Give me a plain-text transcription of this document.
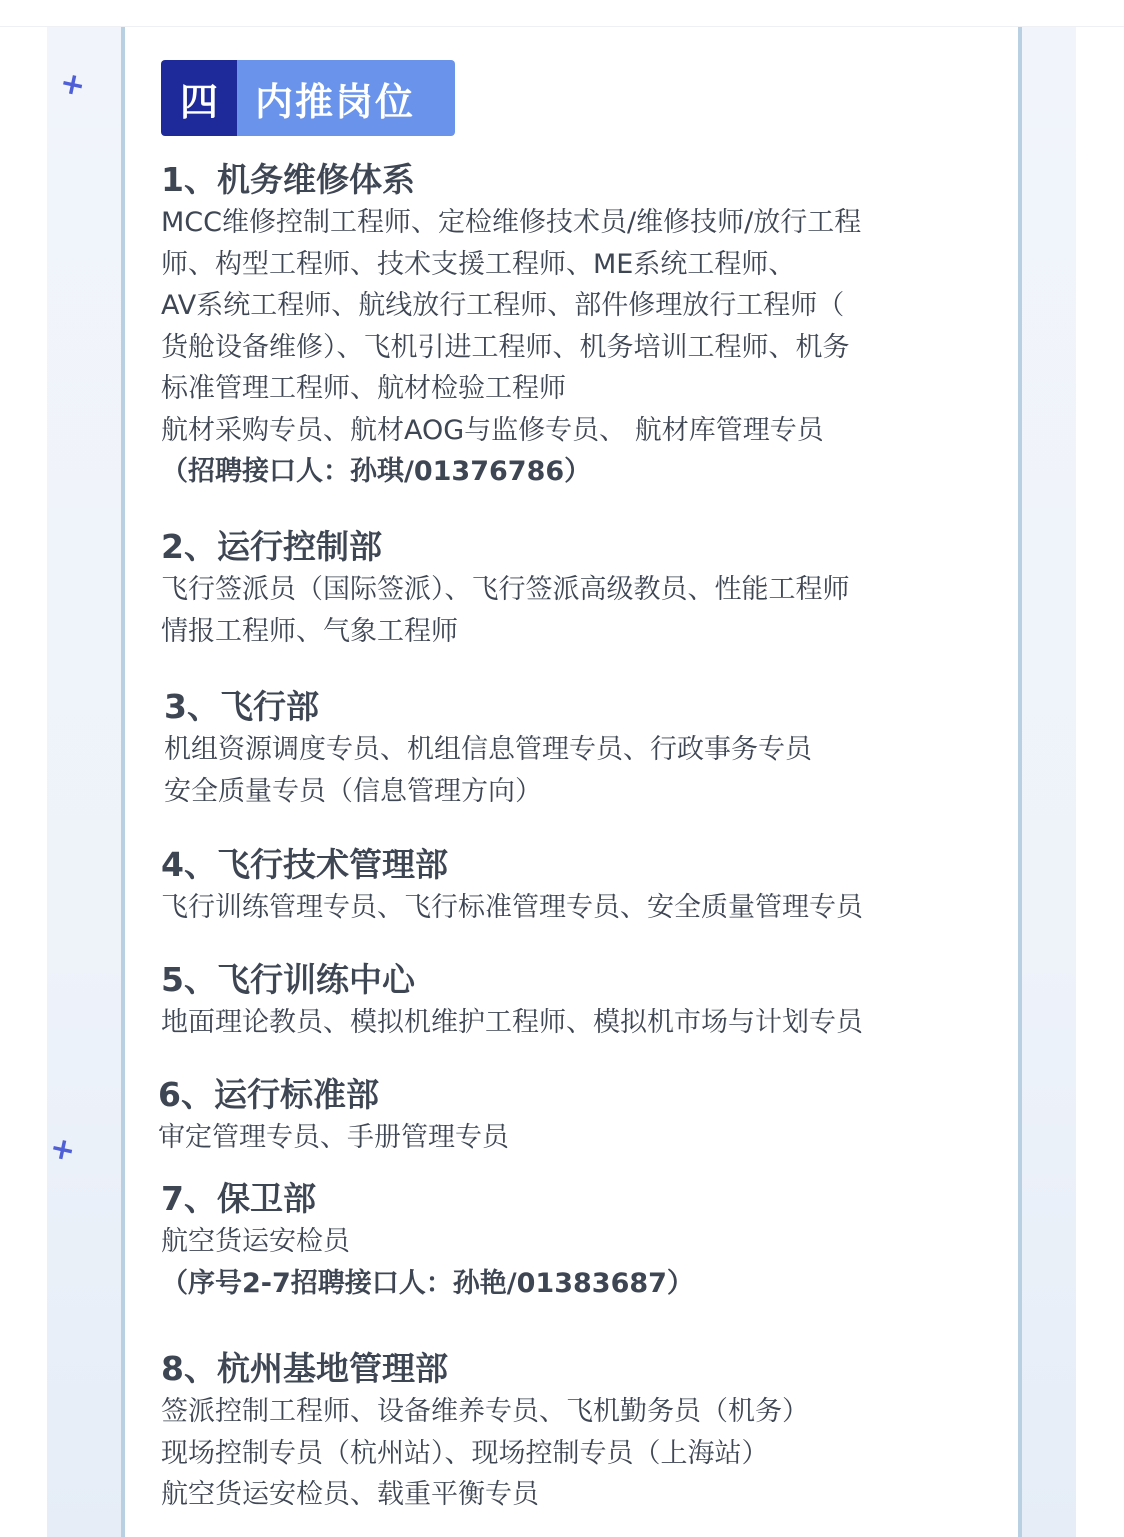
+
+
四 内推岗位
1、机务维修体系

MCC维修控制工程师、定检维修技术员/维修技师/放行工程

师、构型工程师、技术支援工程师、ME系统工程师、

AV系统工程师、航线放行工程师、部件修理放行工程师（

货舱设备维修）、飞机引进工程师、机务培训工程师、机务

标准管理工程师、航材检验工程师

航材采购专员、航材AOG与监修专员、 航材库管理专员

（招聘接口人：孙琪/01376786）

2、运行控制部

飞行签派员（国际签派）、飞行签派高级教员、性能工程师

情报工程师、气象工程师

3、飞行部

机组资源调度专员、机组信息管理专员、行政事务专员

安全质量专员（信息管理方向）

4、飞行技术管理部

飞行训练管理专员、飞行标准管理专员、安全质量管理专员

5、飞行训练中心

地面理论教员、模拟机维护工程师、模拟机市场与计划专员

6、运行标准部

审定管理专员、手册管理专员

7、保卫部

航空货运安检员

（序号2-7招聘接口人：孙艳/01383687）

8、杭州基地管理部

签派控制工程师、设备维养专员、飞机勤务员（机务）

现场控制专员（杭州站）、现场控制专员（上海站）

航空货运安检员、载重平衡专员
